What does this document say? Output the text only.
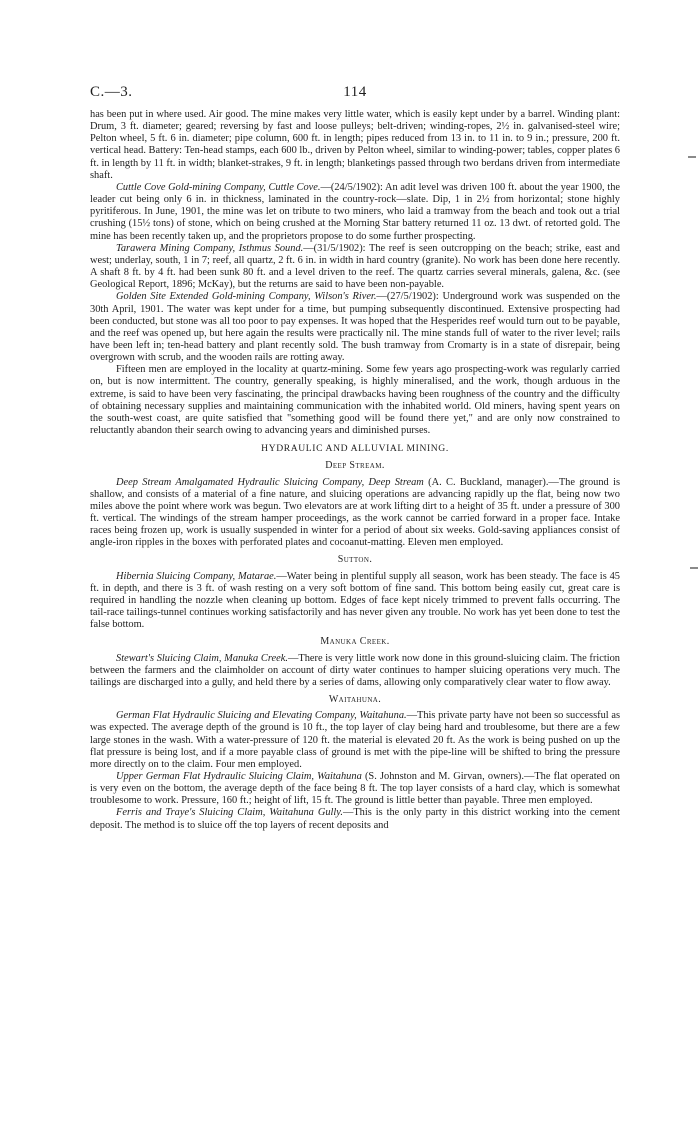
C.—3.	114

has been put in where used. Air good. The mine makes very little water, which is easily kept under by a barrel. Winding plant: Drum, 3 ft. diameter; geared; reversing by fast and loose pulleys; belt-driven; winding-ropes, 2½ in. galvanised-steel wire; Pelton wheel, 5 ft. 6 in. diameter; pipe column, 600 ft. in length; pipes reduced from 13 in. to 11 in. to 9 in.; pressure, 200 ft. vertical head. Battery: Ten-head stamps, each 600 lb., driven by Pelton wheel, similar to winding-power; tables, copper plates 6 ft. in length by 11 ft. in width; blanket-strakes, 9 ft. in length; blanketings passed through two berdans driven from intermediate shaft.

Cuttle Cove Gold-mining Company, Cuttle Cove.—(24/5/1902): An adit level was driven 100 ft. about the year 1900, the leader cut being only 6 in. in thickness, laminated in the country-rock—slate. Dip, 1 in 2½ from horizontal; stone highly pyritiferous. In June, 1901, the mine was let on tribute to two miners, who laid a tramway from the beach and took out a trial crushing (15½ tons) of stone, which on being crushed at the Morning Star battery returned 11 oz. 13 dwt. of retorted gold. The mine has been recently taken up, and the proprietors propose to do some further prospecting.

Tarawera Mining Company, Isthmus Sound.—(31/5/1902): The reef is seen outcropping on the beach; strike, east and west; underlay, south, 1 in 7; reef, all quartz, 2 ft. 6 in. in width in hard country (granite). No work has been done here recently. A shaft 8 ft. by 4 ft. had been sunk 80 ft. and a level driven to the reef. The quartz carries several minerals, galena, &c. (see Geological Report, 1896; McKay), but the returns are said to have been non-payable.

Golden Site Extended Gold-mining Company, Wilson's River.—(27/5/1902): Underground work was suspended on the 30th April, 1901. The water was kept under for a time, but pumping subsequently discontinued. Extensive prospecting had been conducted, but stone was all too poor to pay expenses. It was hoped that the Hesperides reef would turn out to be payable, and the reef was opened up, but here again the results were practically nil. The mine stands full of water to the river level; rails have been left in; ten-head battery and plant recently sold. The bush tramway from Cromarty is in a state of disrepair, being overgrown with scrub, and the wooden rails are rotting away.

Fifteen men are employed in the locality at quartz-mining. Some few years ago prospecting-work was regularly carried on, but is now intermittent. The country, generally speaking, is highly mineralised, and the work, though arduous in the extreme, is said to have been very fascinating, the principal drawbacks having been roughness of the country and the difficulty of obtaining necessary supplies and maintaining communication with the inhabited world. Old miners, having spent years on the south-west coast, are quite satisfied that "something good will be found there yet," and are only now constrained to reluctantly abandon their search owing to advancing years and diminished purses.

HYDRAULIC AND ALLUVIAL MINING.
Deep Stream.

Deep Stream Amalgamated Hydraulic Sluicing Company, Deep Stream (A. C. Buckland, manager).—The ground is shallow, and consists of a material of a fine nature, and sluicing operations are advancing rapidly up the flat, being now two miles above the point where work was begun. Two elevators are at work lifting dirt to a height of 35 ft. under a pressure of 300 ft. vertical. The windings of the stream hamper proceedings, as the work cannot be carried forward in a proper face. Intake races being frozen up, work is usually suspended in winter for a period of about six weeks. Gold-saving appliances consist of angle-iron ripples in the boxes with perforated plates and cocoanut-matting. Eleven men employed.

Sutton.

Hibernia Sluicing Company, Matarae.—Water being in plentiful supply all season, work has been steady. The face is 45 ft. in depth, and there is 3 ft. of wash resting on a very soft bottom of fine sand. This bottom being easily cut, great care is required in handling the nozzle when cleaning up bottom. Edges of face kept nicely trimmed to prevent falls occurring. The tail-race tailings-tunnel continues working satisfactorily and has never given any trouble. No work has yet been done to test the false bottom.

Manuka Creek.

Stewart's Sluicing Claim, Manuka Creek.—There is very little work now done in this ground-sluicing claim. The friction between the farmers and the claimholder on account of dirty water continues to hamper sluicing operations very much. The tailings are discharged into a gully, and held there by a series of dams, allowing only comparatively clear water to flow away.

Waitahuna.

German Flat Hydraulic Sluicing and Elevating Company, Waitahuna.—This private party have not been so successful as was expected. The average depth of the ground is 10 ft., the top layer of clay being hard and troublesome, but there are a few large stones in the wash. With a water-pressure of 120 ft. the material is elevated 20 ft. As the work is being pushed on up the flat pressure is being lost, and if a more payable class of ground is met with the pipe-line will be shifted to bring the pressure more directly on to the claim. Four men employed.

Upper German Flat Hydraulic Sluicing Claim, Waitahuna (S. Johnston and M. Girvan, owners).—The flat operated on is very even on the bottom, the average depth of the face being 8 ft. The top layer consists of a hard clay, which is somewhat troublesome to work. Pressure, 160 ft.; height of lift, 15 ft. The ground is little better than payable. Three men employed.

Ferris and Traye's Sluicing Claim, Waitahuna Gully.—This is the only party in this district working into the cement deposit. The method is to sluice off the top layers of recent deposits and
